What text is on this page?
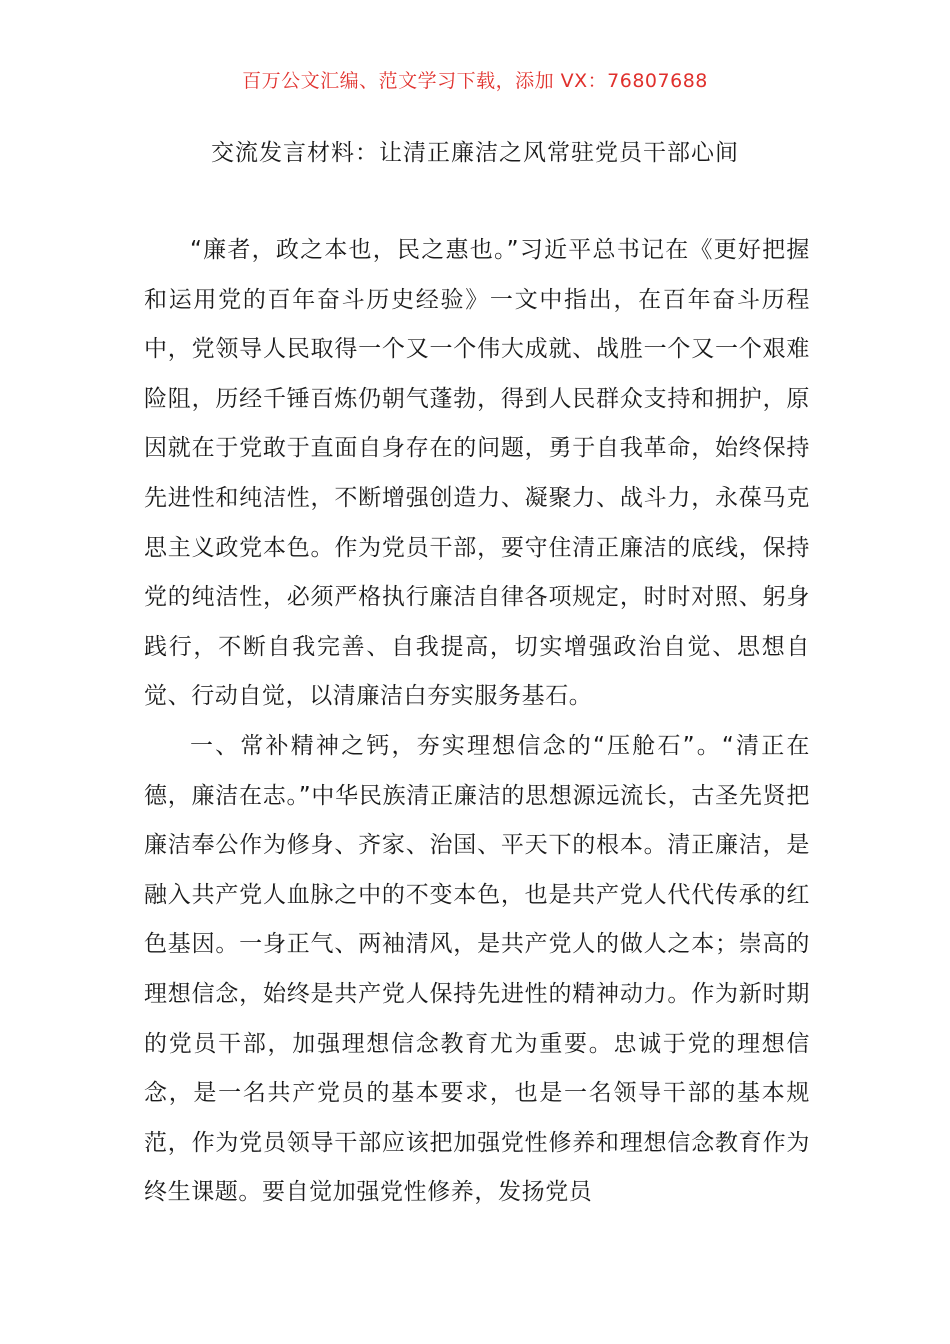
百万公文汇编、范文学习下载，添加 VX：76807688
交流发言材料：让清正廉洁之风常驻党员干部心间

“廉者，政之本也，民之惠也。”习近平总书记在《更好把握和运用党的百年奋斗历史经验》一文中指出，在百年奋斗历程中，党领导人民取得一个又一个伟大成就、战胜一个又一个艰难险阻，历经千锤百炼仍朝气蓬勃，得到人民群众支持和拥护，原因就在于党敢于直面自身存在的问题，勇于自我革命，始终保持先进性和纯洁性，不断增强创造力、凝聚力、战斗力，永葆马克思主义政党本色。作为党员干部，要守住清正廉洁的底线，保持党的纯洁性，必须严格执行廉洁自律各项规定，时时对照、躬身践行，不断自我完善、自我提高，切实增强政治自觉、思想自觉、行动自觉，以清廉洁白夯实服务基石。

一、常补精神之钙，夯实理想信念的“压舱石”。“清正在德，廉洁在志。”中华民族清正廉洁的思想源远流长，古圣先贤把廉洁奉公作为修身、齐家、治国、平天下的根本。清正廉洁，是融入共产党人血脉之中的不变本色，也是共产党人代代传承的红色基因。一身正气、两袖清风，是共产党人的做人之本；崇高的理想信念，始终是共产党人保持先进性的精神动力。作为新时期的党员干部，加强理想信念教育尤为重要。忠诚于党的理想信念，是一名共产党员的基本要求，也是一名领导干部的基本规范，作为党员领导干部应该把加强党性修养和理想信念教育作为终生课题。要自觉加强党性修养，发扬党员
